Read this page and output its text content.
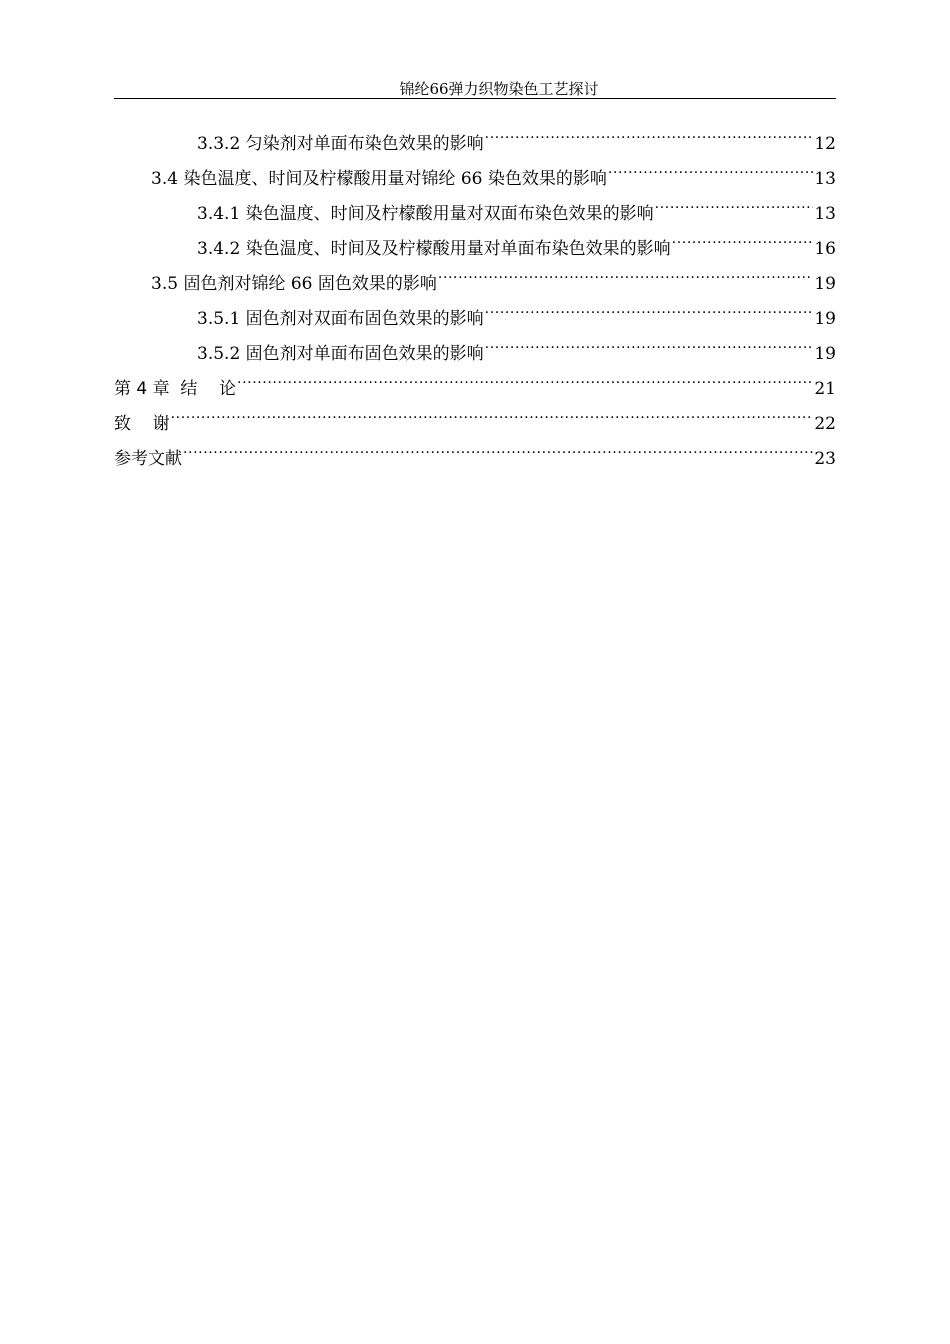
锦纶66弹力织物染色工艺探讨
3.3.2 匀染剂对单面布染色效果的影响 .....	12
3.4 染色温度、时间及柠檬酸用量对锦纶 66 染色效果的影响 .....	13
3.4.1 染色温度、时间及柠檬酸用量对双面布染色效果的影响 .....	13
3.4.2 染色温度、时间及及柠檬酸用量对单面布染色效果的影响 .....	16
3.5 固色剂对锦纶 66 固色效果的影响 .....	19
3.5.1 固色剂对双面布固色效果的影响 .....	19
3.5.2 固色剂对单面布固色效果的影响 .....	19
第 4 章  结    论 .....	21
致    谢 .....	22
参考文献 .....	23
